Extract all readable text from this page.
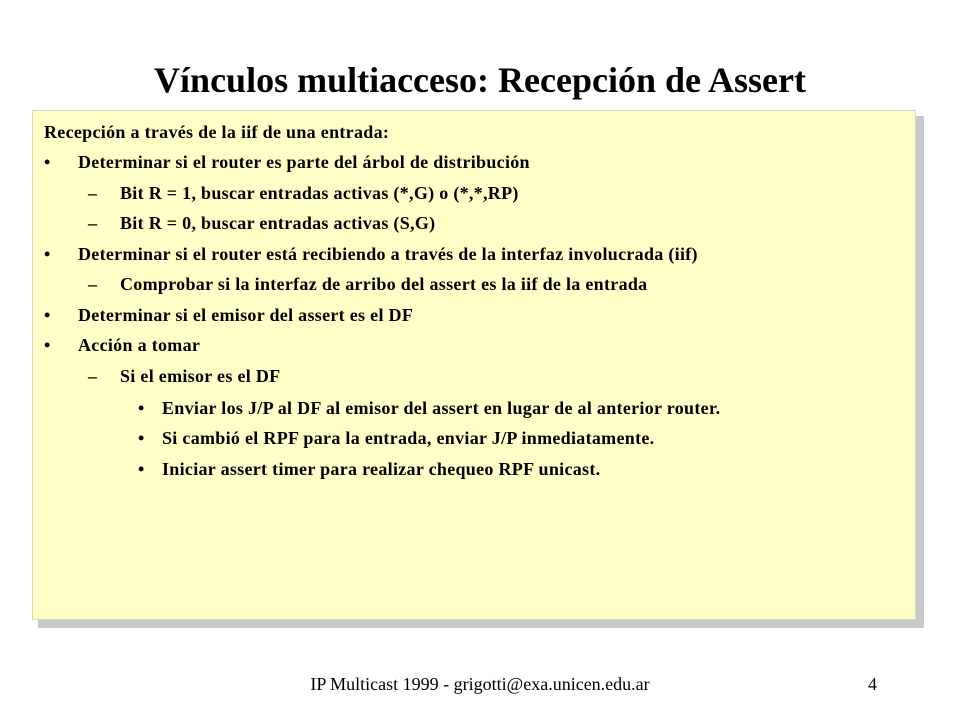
Vínculos multiacceso: Recepción de Assert
Recepción a través de la iif de una entrada:
• Determinar si el router es parte del árbol de distribución
– Bit R = 1, buscar entradas activas (*,G) o (*,*,RP)
– Bit R = 0, buscar entradas activas (S,G)
• Determinar si el router está recibiendo a través de la interfaz involucrada (iif)
– Comprobar si la interfaz de arribo del assert es la iif de la entrada
• Determinar si el emisor del assert es el DF
• Acción a tomar
– Si el emisor es el DF
• Enviar los J/P al DF al emisor del assert en lugar de al anterior router.
• Si cambió el RPF para la entrada, enviar J/P inmediatamente.
• Iniciar assert timer para realizar chequeo RPF unicast.
IP Multicast 1999 - grigotti@exa.unicen.edu.ar	4
